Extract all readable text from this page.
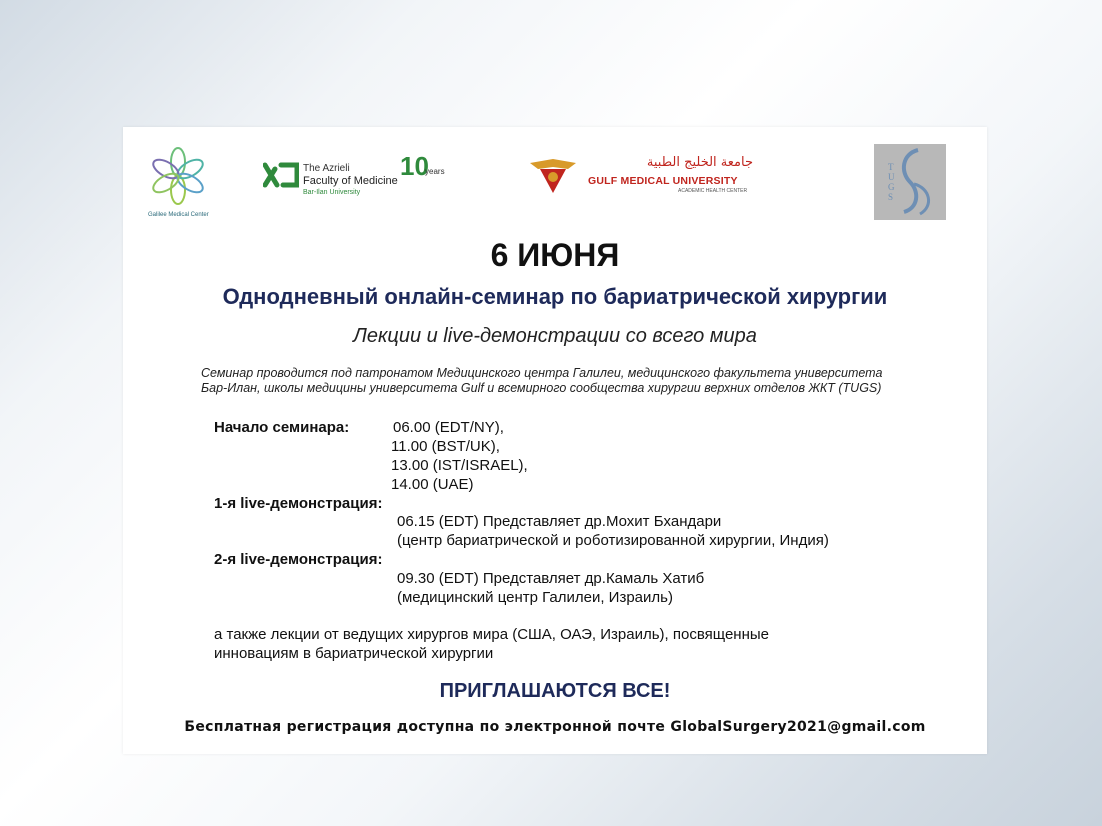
Galilee Medical Center
The Azrieli
Faculty of Medicine
Bar-Ilan University
10
years
جامعة الخليج الطبية
GULF MEDICAL UNIVERSITY
ACADEMIC HEALTH CENTER
TUGS
6 ИЮНЯ
Однодневный онлайн-семинар по бариатрической хирургии
Лекции и live-демонстрации со всего мира
Семинар проводится под патронатом Медицинского центра Галилеи, медицинского факультета университета
Бар-Илан, школы медицины университета Gulf и всемирного сообщества хирургии верхних отделов ЖКТ (TUGS)
Начало семинара:	06.00 (EDT/NY),
11.00 (BST/UK),
13.00 (IST/ISRAEL),
14.00 (UAE)
1-я live-демонстрация:
06.15 (EDT) Представляет др.Мохит Бхандари
(центр бариатрической и роботизированной хирургии, Индия)
2-я live-демонстрация:
09.30 (EDT) Представляет др.Камаль Хатиб
(медицинский центр Галилеи, Израиль)
а также лекции от ведущих хирургов мира (США, ОАЭ, Израиль), посвященные
инновациям в бариатрической хирургии
ПРИГЛАШАЮТСЯ ВСЕ!
Бесплатная регистрация доступна по электронной почте GlobalSurgery2021@gmail.com
